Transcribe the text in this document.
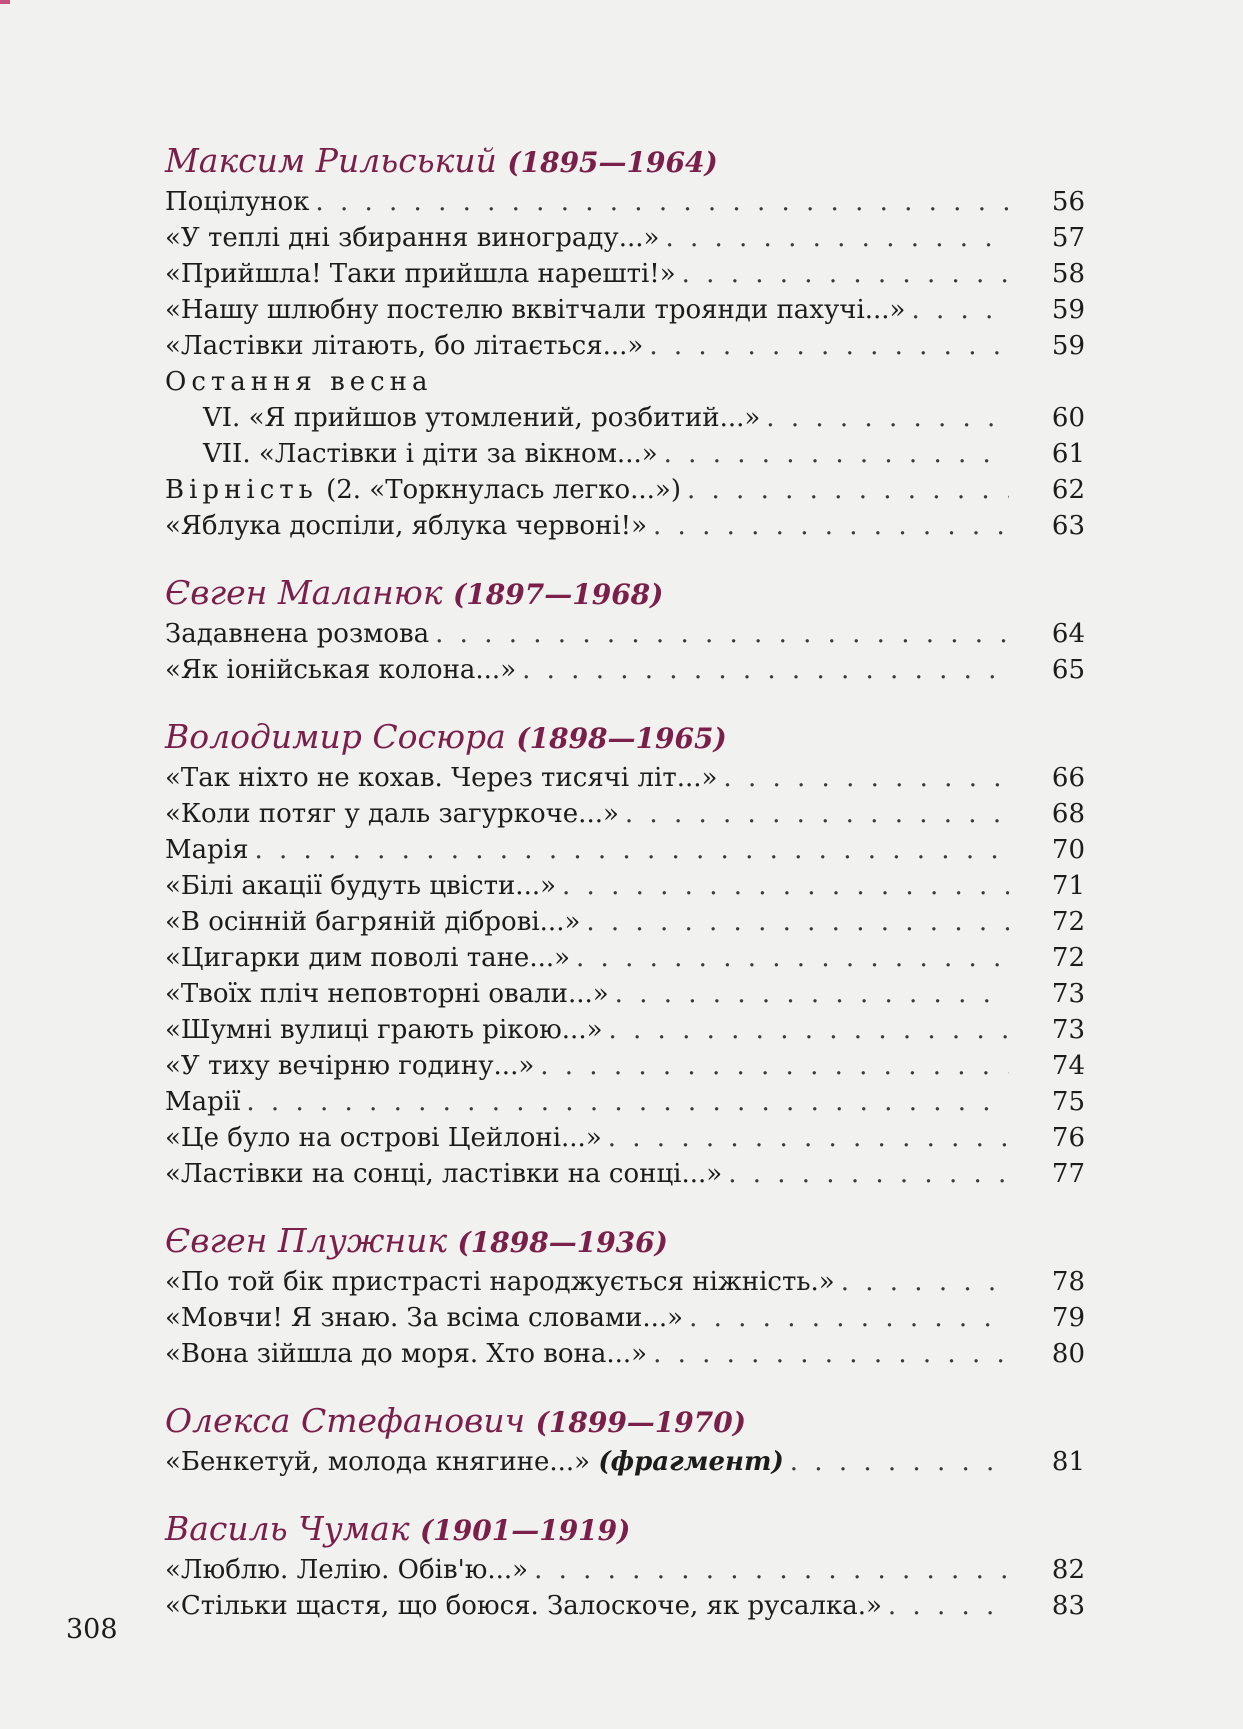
Максим Рильський (1895—1964)
Поцілунок . . .	56
«У теплі дні збирання винограду...» . . .	57
«Прийшла! Таки прийшла нарешті!» . . .	58
«Нашу шлюбну постелю вквітчали троянди пахучі...» . . .	59
«Ластівки літають, бо літається...» . . .	59
Остання весна
VI. «Я прийшов утомлений, розбитий...» . . .	60
VII. «Ластівки і діти за вікном...» . . .	61
Вірність (2. «Торкнулась легко...») . . .	62
«Яблука доспіли, яблука червоні!» . . .	63
Євген Маланюк (1897—1968)
Задавнена розмова . . .	64
«Як іонійськая колона...» . . .	65
Володимир Сосюра (1898—1965)
«Так ніхто не кохав. Через тисячі літ...» . . .	66
«Коли потяг у даль загуркоче...» . . .	68
Марія . . .	70
«Білі акації будуть цвісти...» . . .	71
«В осінній багряній діброві...» . . .	72
«Цигарки дим поволі тане...» . . .	72
«Твоїх пліч неповторні овали...» . . .	73
«Шумні вулиці грають рікою...» . . .	73
«У тиху вечірню годину...» . . .	74
Марії . . .	75
«Це було на острові Цейлоні...» . . .	76
«Ластівки на сонці, ластівки на сонці...» . . .	77
Євген Плужник (1898—1936)
«По той бік пристрасті народжується ніжність.» . . .	78
«Мовчи! Я знаю. За всіма словами...» . . .	79
«Вона зійшла до моря. Хто вона...» . . .	80
Олекса Стефанович (1899—1970)
«Бенкетуй, молода княгине...» (фрагмент) . . .	81
Василь Чумак (1901—1919)
«Люблю. Лелію. Обів'ю...» . . .	82
«Стільки щастя, що боюся. Залоскоче, як русалка.» . . .	83
308
